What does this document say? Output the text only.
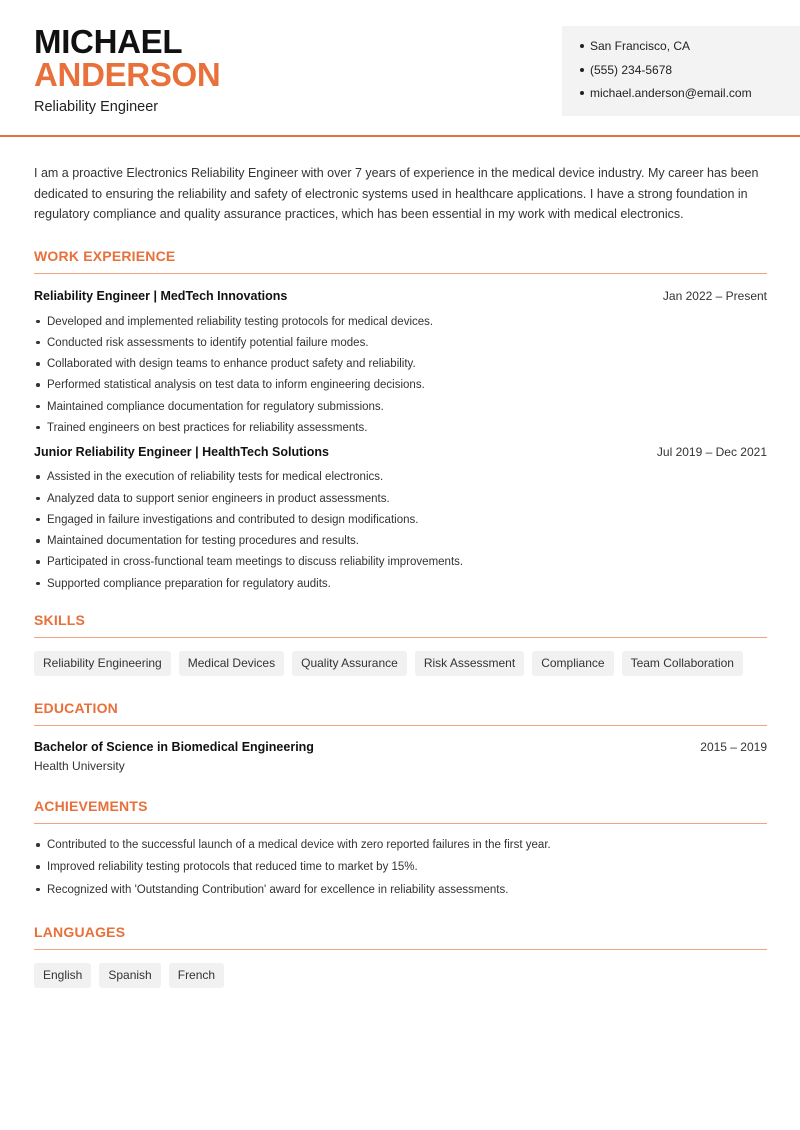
MICHAEL
ANDERSON
Reliability Engineer
San Francisco, CA
(555) 234-5678
michael.anderson@email.com

I am a proactive Electronics Reliability Engineer with over 7 years of experience in the medical device industry. My career has been dedicated to ensuring the reliability and safety of electronic systems used in healthcare applications. I have a strong foundation in regulatory compliance and quality assurance practices, which has been essential in my work with medical electronics.

WORK EXPERIENCE
Reliability Engineer | MedTech Innovations	Jan 2022 – Present
Developed and implemented reliability testing protocols for medical devices.
Conducted risk assessments to identify potential failure modes.
Collaborated with design teams to enhance product safety and reliability.
Performed statistical analysis on test data to inform engineering decisions.
Maintained compliance documentation for regulatory submissions.
Trained engineers on best practices for reliability assessments.
Junior Reliability Engineer | HealthTech Solutions	Jul 2019 – Dec 2021
Assisted in the execution of reliability tests for medical electronics.
Analyzed data to support senior engineers in product assessments.
Engaged in failure investigations and contributed to design modifications.
Maintained documentation for testing procedures and results.
Participated in cross-functional team meetings to discuss reliability improvements.
Supported compliance preparation for regulatory audits.
SKILLS
Reliability Engineering	Medical Devices	Quality Assurance	Risk Assessment	Compliance	Team Collaboration
EDUCATION
Bachelor of Science in Biomedical Engineering	2015 – 2019
Health University
ACHIEVEMENTS
Contributed to the successful launch of a medical device with zero reported failures in the first year.
Improved reliability testing protocols that reduced time to market by 15%.
Recognized with 'Outstanding Contribution' award for excellence in reliability assessments.
LANGUAGES
English	Spanish	French
